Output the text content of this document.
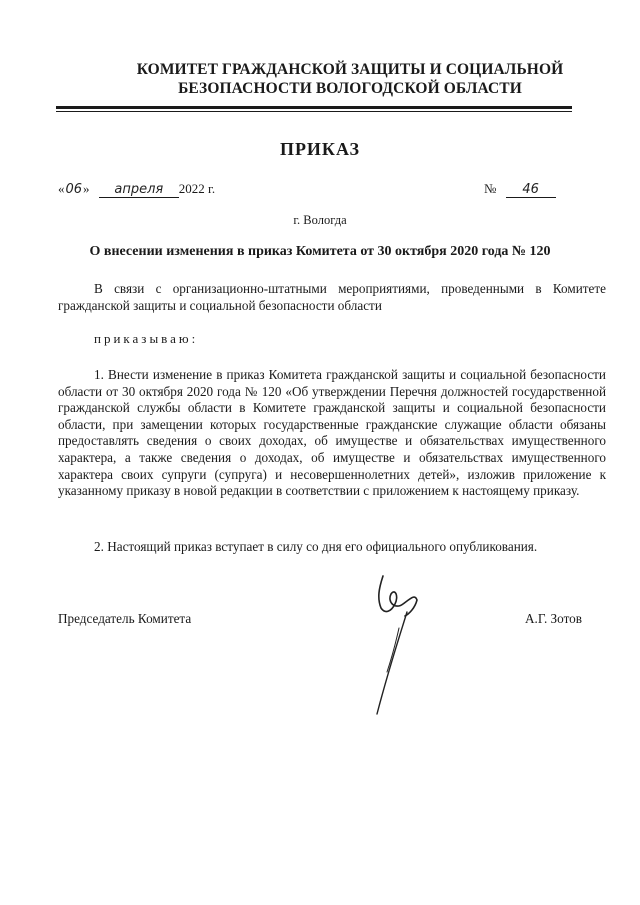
КОМИТЕТ ГРАЖДАНСКОЙ ЗАЩИТЫ И СОЦИАЛЬНОЙ
БЕЗОПАСНОСТИ ВОЛОГОДСКОЙ ОБЛАСТИ
ПРИКАЗ
«06» апреля 2022 г.	№ 46
г. Вологда
О внесении изменения в приказ Комитета от 30 октября 2020 года № 120
В связи с организационно-штатными мероприятиями, проведенными в Комитете гражданской защиты и социальной безопасности области
приказываю:
1. Внести изменение в приказ Комитета гражданской защиты и социальной безопасности области от 30 октября 2020 года № 120 «Об утверждении Перечня должностей государственной гражданской службы области в Комитете гражданской защиты и социальной безопасности области, при замещении которых государственные гражданские служащие области обязаны предоставлять сведения о своих доходах, об имуществе и обязательствах имущественного характера, а также сведения о доходах, об имуществе и обязательствах имущественного характера своих супруги (супруга) и несовершеннолетних детей», изложив приложение к указанному приказу в новой редакции в соответствии с приложением к настоящему приказу.
2. Настоящий приказ вступает в силу со дня его официального опубликования.
Председатель Комитета	А.Г. Зотов
